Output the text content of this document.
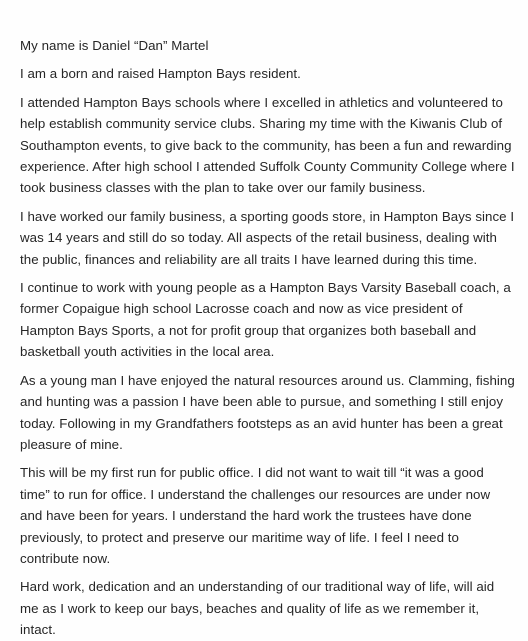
My name is Daniel “Dan” Martel

I am a born and raised Hampton Bays resident.

I attended Hampton Bays schools where I excelled in athletics and volunteered to help establish community service clubs. Sharing my time with the Kiwanis Club of Southampton events, to give back to the community, has been a fun and rewarding experience. After high school I attended Suffolk County Community College where I took business classes with the plan to take over our family business.

I have worked our family business, a sporting goods store, in Hampton Bays since I was 14 years and still do so today. All aspects of the retail business, dealing with the public, finances and reliability are all traits I have learned during this time.

I continue to work with young people as a Hampton Bays Varsity Baseball coach, a former Copaigue high school Lacrosse coach and now as vice president of Hampton Bays Sports, a not for profit group that organizes both baseball and basketball youth activities in the local area.

As a young man I have enjoyed the natural resources around us. Clamming, fishing and hunting was a passion I have been able to pursue, and something I still enjoy today. Following in my Grandfathers footsteps as an avid hunter has been a great pleasure of mine.

This will be my first run for public office. I did not want to wait till “it was a good time” to run for office. I understand the challenges our resources are under now and have been for years. I understand the hard work the trustees have done previously, to protect and preserve our maritime way of life. I feel I need to contribute now.

Hard work, dedication and an understanding of our traditional way of life, will aid me as I work to keep our bays, beaches and quality of life as we remember it, intact.
